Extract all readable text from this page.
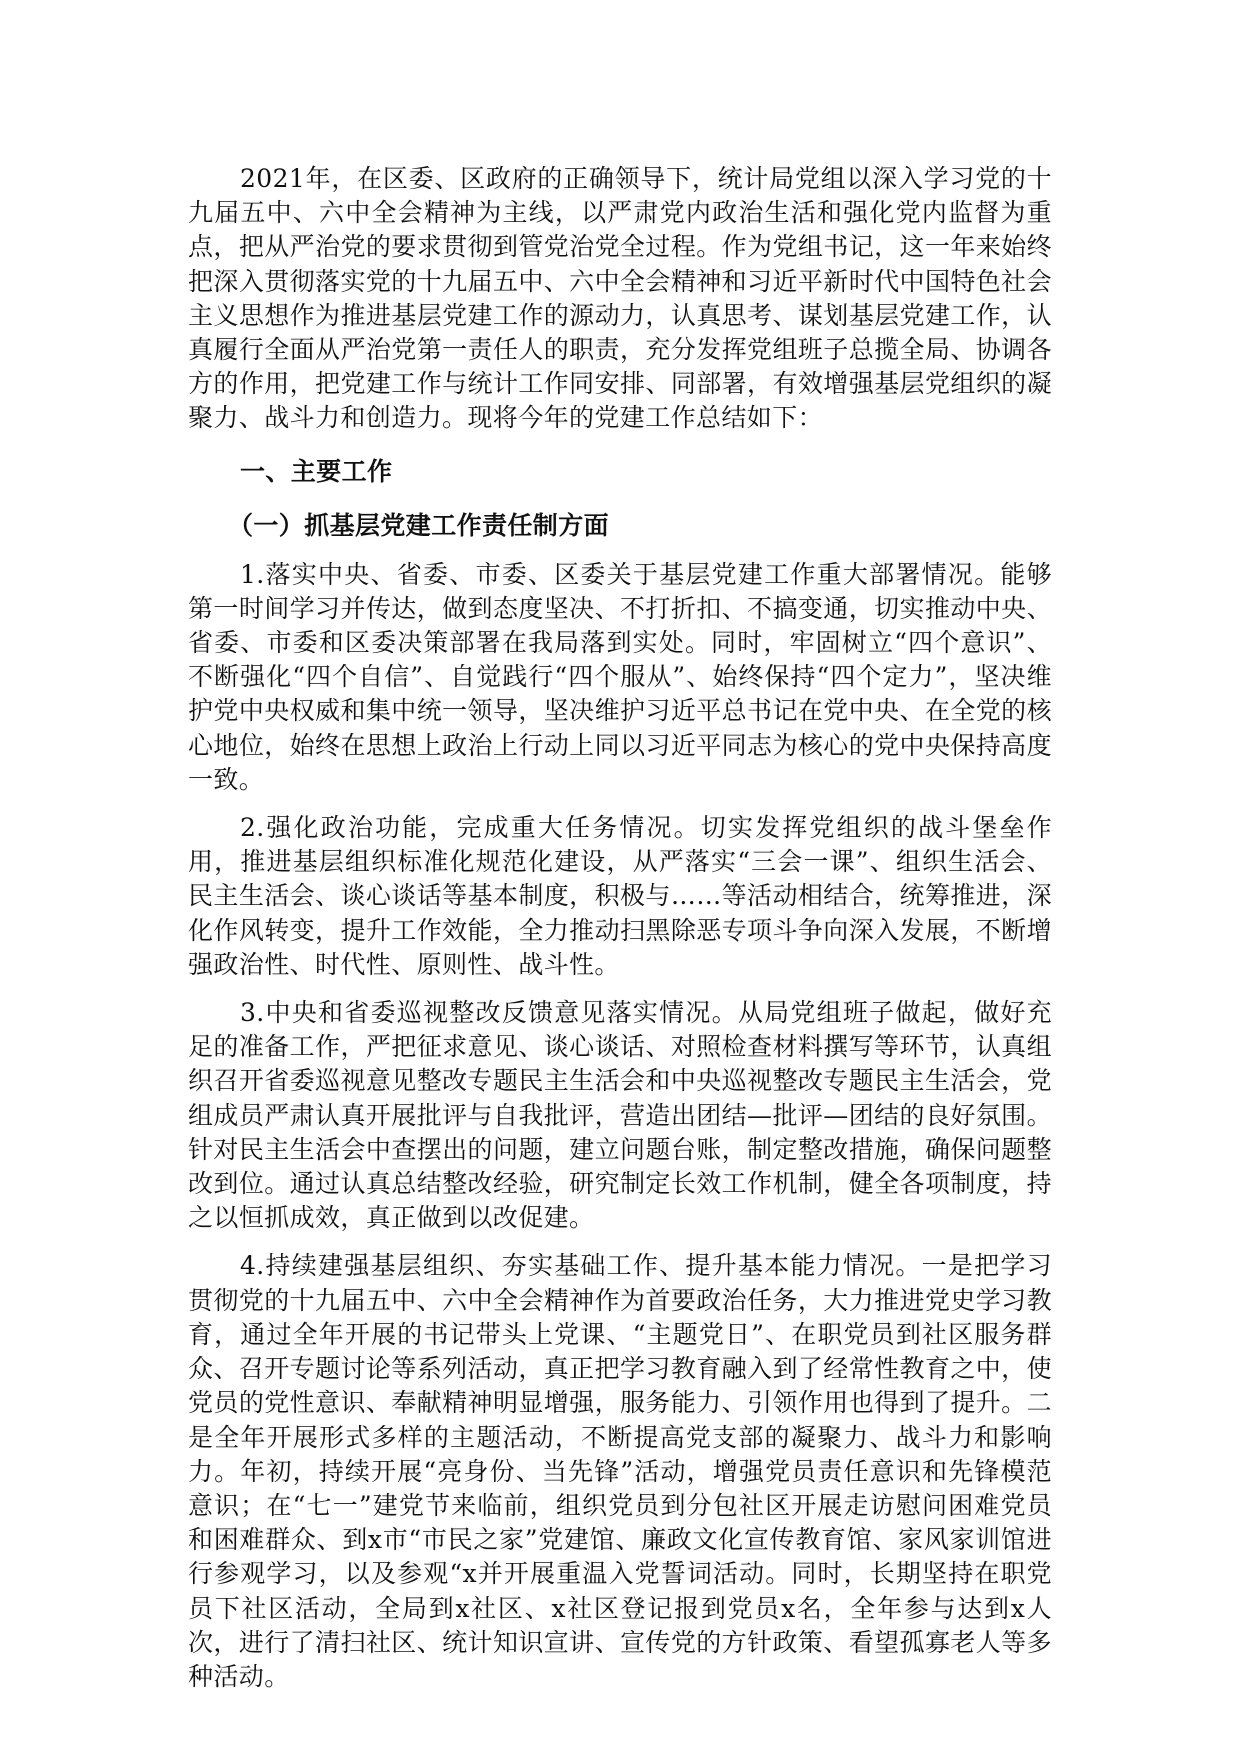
2021年，在区委、区政府的正确领导下，统计局党组以深入学习党的十九届五中、六中全会精神为主线，以严肃党内政治生活和强化党内监督为重点，把从严治党的要求贯彻到管党治党全过程。作为党组书记，这一年来始终把深入贯彻落实党的十九届五中、六中全会精神和习近平新时代中国特色社会主义思想作为推进基层党建工作的源动力，认真思考、谋划基层党建工作，认真履行全面从严治党第一责任人的职责，充分发挥党组班子总揽全局、协调各方的作用，把党建工作与统计工作同安排、同部署，有效增强基层党组织的凝聚力、战斗力和创造力。现将今年的党建工作总结如下：

一、主要工作
（一）抓基层党建工作责任制方面

1.落实中央、省委、市委、区委关于基层党建工作重大部署情况。能够第一时间学习并传达，做到态度坚决、不打折扣、不搞变通，切实推动中央、省委、市委和区委决策部署在我局落到实处。同时，牢固树立“四个意识”、不断强化“四个自信”、自觉践行“四个服从”、始终保持“四个定力”，坚决维护党中央权威和集中统一领导，坚决维护习近平总书记在党中央、在全党的核心地位，始终在思想上政治上行动上同以习近平同志为核心的党中央保持高度一致。

2.强化政治功能，完成重大任务情况。切实发挥党组织的战斗堡垒作用，推进基层组织标准化规范化建设，从严落实“三会一课”、组织生活会、民主生活会、谈心谈话等基本制度，积极与……等活动相结合，统筹推进，深化作风转变，提升工作效能，全力推动扫黑除恶专项斗争向深入发展，不断增强政治性、时代性、原则性、战斗性。

3.中央和省委巡视整改反馈意见落实情况。从局党组班子做起，做好充足的准备工作，严把征求意见、谈心谈话、对照检查材料撰写等环节，认真组织召开省委巡视意见整改专题民主生活会和中央巡视整改专题民主生活会，党组成员严肃认真开展批评与自我批评，营造出团结—批评—团结的良好氛围。针对民主生活会中查摆出的问题，建立问题台账，制定整改措施，确保问题整改到位。通过认真总结整改经验，研究制定长效工作机制，健全各项制度，持之以恒抓成效，真正做到以改促建。

4.持续建强基层组织、夯实基础工作、提升基本能力情况。一是把学习贯彻党的十九届五中、六中全会精神作为首要政治任务，大力推进党史学习教育，通过全年开展的书记带头上党课、“主题党日”、在职党员到社区服务群众、召开专题讨论等系列活动，真正把学习教育融入到了经常性教育之中，使党员的党性意识、奉献精神明显增强，服务能力、引领作用也得到了提升。二是全年开展形式多样的主题活动，不断提高党支部的凝聚力、战斗力和影响力。年初，持续开展“亮身份、当先锋”活动，增强党员责任意识和先锋模范意识；在“七一”建党节来临前，组织党员到分包社区开展走访慰问困难党员和困难群众、到x市“市民之家”党建馆、廉政文化宣传教育馆、家风家训馆进行参观学习，以及参观“x并开展重温入党誓词活动。同时，长期坚持在职党员下社区活动，全局到x社区、x社区登记报到党员x名，全年参与达到x人次，进行了清扫社区、统计知识宣讲、宣传党的方针政策、看望孤寡老人等多种活动。
